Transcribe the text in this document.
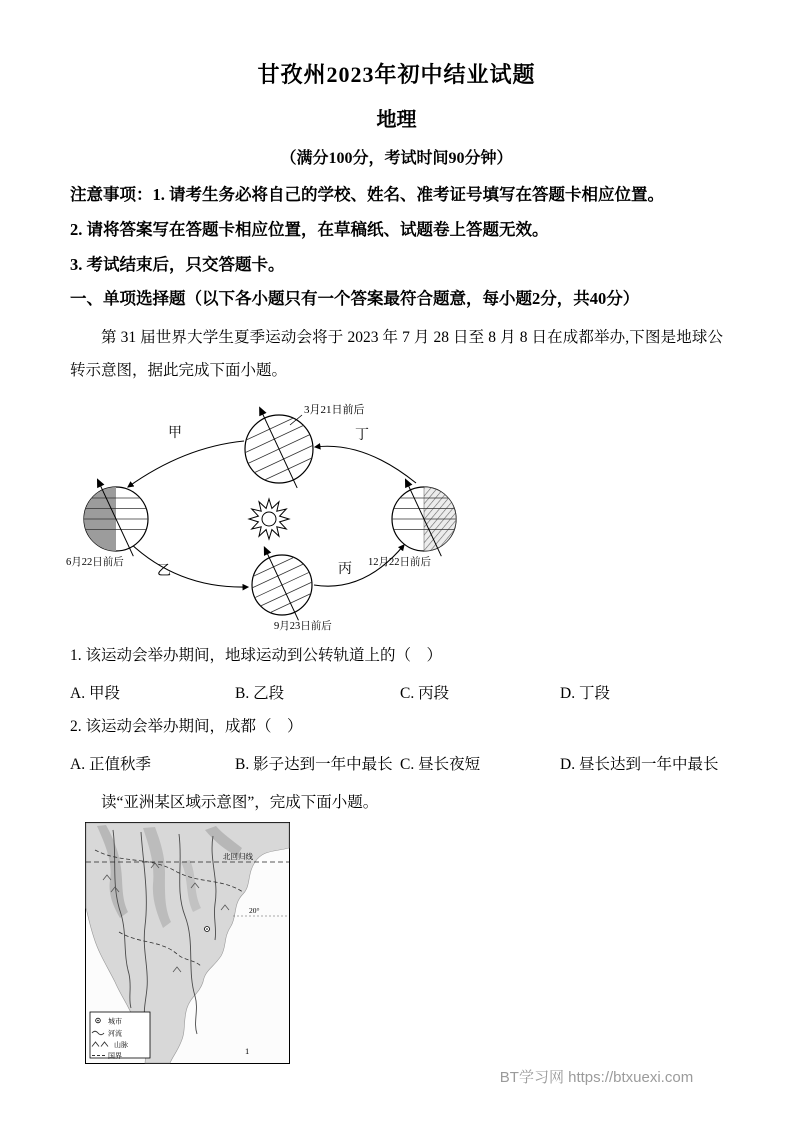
甘孜州2023年初中结业试题
地理
（满分100分，考试时间90分钟）

注意事项：1. 请考生务必将自己的学校、姓名、准考证号填写在答题卡相应位置。

2. 请将答案写在答题卡相应位置，在草稿纸、试题卷上答题无效。

3. 考试结束后，只交答题卡。

一、单项选择题（以下各小题只有一个答案最符合题意，每小题2分，共40分）

第 31 届世界大学生夏季运动会将于 2023 年 7 月 28 日至 8 月 8 日在成都举办,下图是地球公转示意图，据此完成下面小题。

3月21日前后
6月22日前后	12月22日前后
9月23日前后
甲	丁
乙	丙

1. 该运动会举办期间，地球运动到公转轨道上的（　）

A. 甲段	B. 乙段	C. 丙段	D. 丁段

2. 该运动会举办期间，成都（　）

A. 正值秋季	B. 影子达到一年中最长 C. 昼长夜短	D. 昼长达到一年中最长

读“亚洲某区域示意图”，完成下面小题。

北回归线
20°
城市
河流
山脉
国界	1
BT学习网 https://btxuexi.com
